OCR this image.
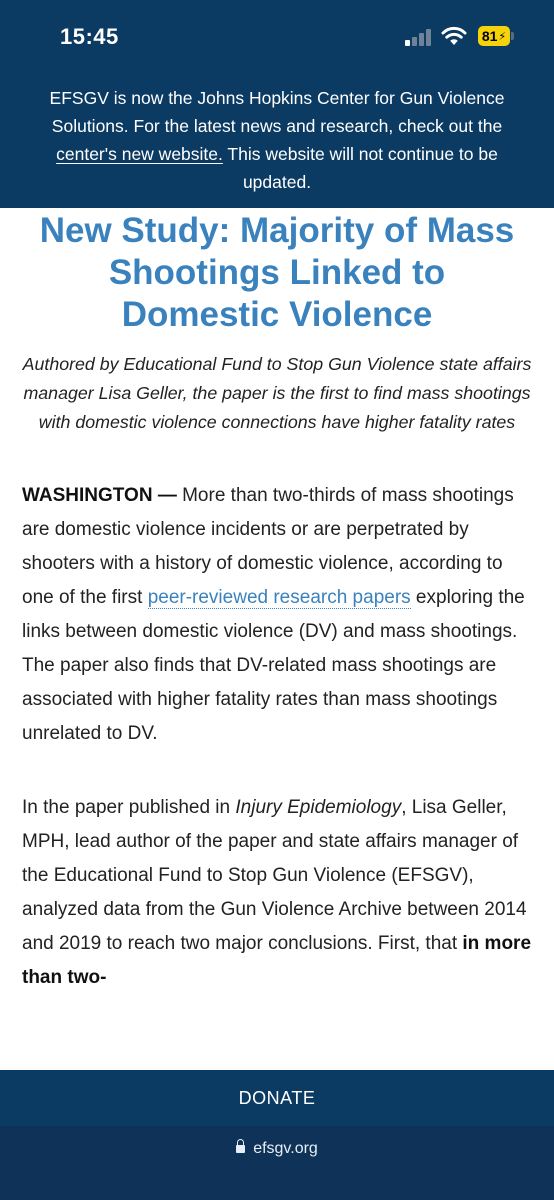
15:45	81 ⚡
EFSGV is now the Johns Hopkins Center for Gun Violence Solutions. For the latest news and research, check out the center's new website. This website will not continue to be updated.
New Study: Majority of Mass Shootings Linked to Domestic Violence

Authored by Educational Fund to Stop Gun Violence state affairs manager Lisa Geller, the paper is the first to find mass shootings with domestic violence connections have higher fatality rates

WASHINGTON — More than two-thirds of mass shootings are domestic violence incidents or are perpetrated by shooters with a history of domestic violence, according to one of the first peer-reviewed research papers exploring the links between domestic violence (DV) and mass shootings. The paper also finds that DV-related mass shootings are associated with higher fatality rates than mass shootings unrelated to DV.

In the paper published in Injury Epidemiology, Lisa Geller, MPH, lead author of the paper and state affairs manager of the Educational Fund to Stop Gun Violence (EFSGV), analyzed data from the Gun Violence Archive between 2014 and 2019 to reach two major conclusions. First, that in more than two-

DONATE
efsgv.org
